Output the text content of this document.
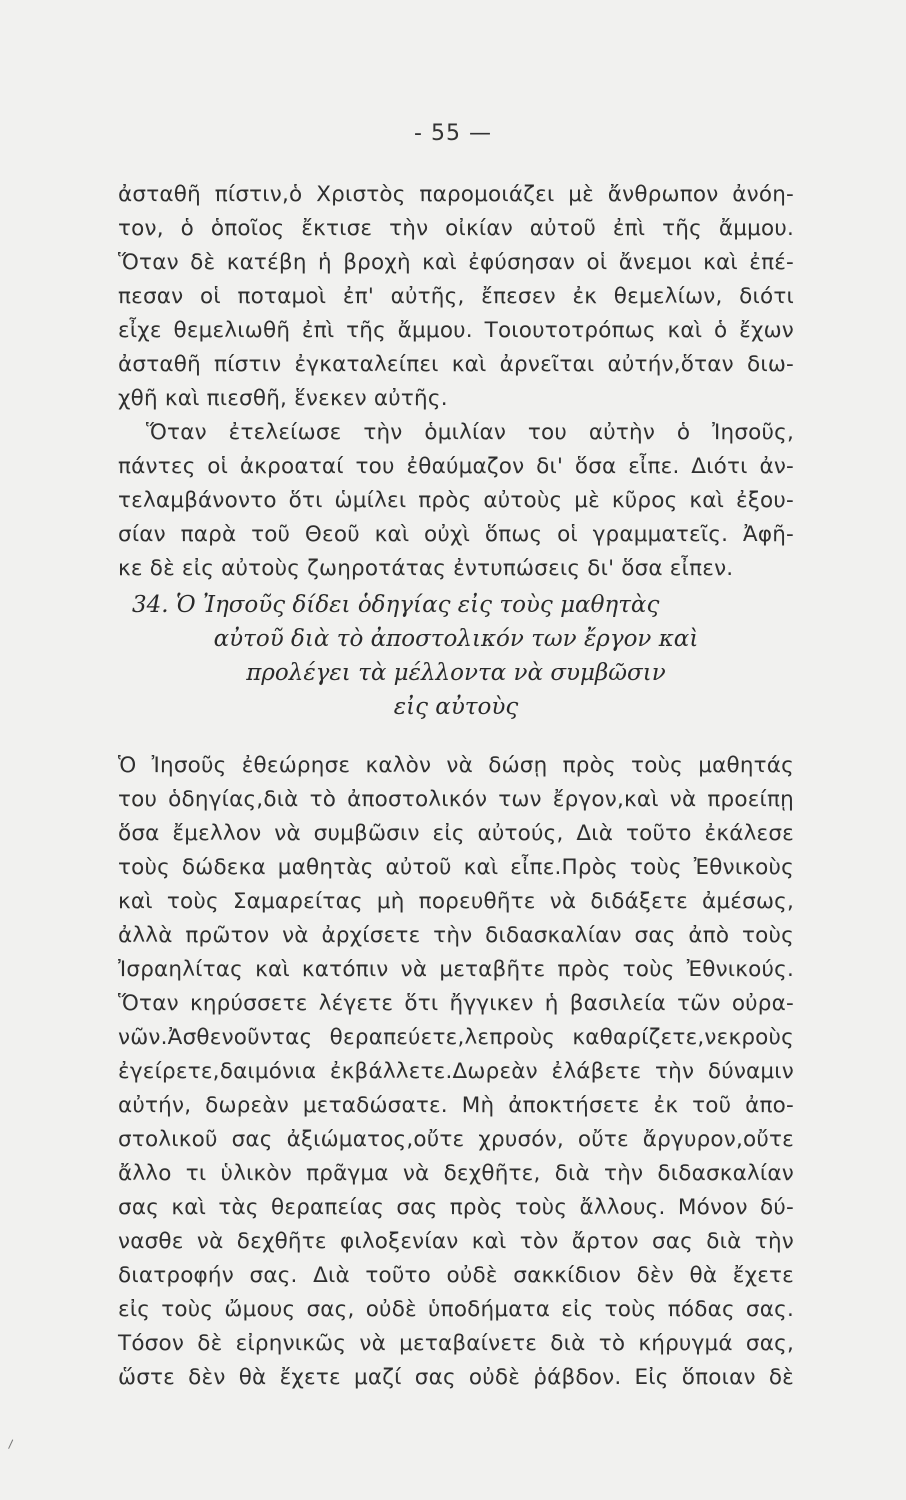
- 55 —
ἀσταθῆ πίστιν,ὁ Χριστὸς παρομοιάζει μὲ ἄνθρωπον ἀνόη-
τον, ὁ ὁποῖος ἔκτισε τὴν οἰκίαν αὐτοῦ ἐπὶ τῆς ἄμμου.
Ὅταν δὲ κατέβη ἡ βροχὴ καὶ ἐφύσησαν οἱ ἄνεμοι καὶ ἐπέ-
πεσαν οἱ ποταμοὶ ἐπ' αὐτῆς, ἔπεσεν ἐκ θεμελίων, διότι
εἶχε θεμελιωθῆ ἐπὶ τῆς ἄμμου. Τοιουτοτρόπως καὶ ὁ ἔχων
ἀσταθῆ πίστιν ἐγκαταλείπει καὶ ἀρνεῖται αὐτήν,ὅταν διω-
χθῆ καὶ πιεσθῆ, ἕνεκεν αὐτῆς.
Ὅταν ἐτελείωσε τὴν ὁμιλίαν του αὐτὴν ὁ Ἰησοῦς,
πάντες οἱ ἀκροαταί του ἐθαύμαζον δι' ὅσα εἶπε. Διότι ἀν-
τελαμβάνοντο ὅτι ὡμίλει πρὸς αὐτοὺς μὲ κῦρος καὶ ἐξου-
σίαν παρὰ τοῦ Θεοῦ καὶ οὐχὶ ὅπως οἱ γραμματεῖς. Ἀφῆ-
κε δὲ εἰς αὐτοὺς ζωηροτάτας ἐντυπώσεις δι' ὅσα εἶπεν.
34. Ὁ Ἰησοῦς δίδει ὁδηγίας εἰς τοὺς μαθητὰς
αὐτοῦ διὰ τὸ ἀποστολικόν των ἔργον καὶ
προλέγει τὰ μέλλοντα νὰ συμβῶσιν
εἰς αὐτοὺς
Ὁ Ἰησοῦς ἐθεώρησε καλὸν νὰ δώσῃ πρὸς τοὺς μαθητάς
του ὁδηγίας,διὰ τὸ ἀποστολικόν των ἔργον,καὶ νὰ προείπῃ
ὅσα ἔμελλον νὰ συμβῶσιν εἰς αὐτούς, Διὰ τοῦτο ἐκάλεσε
τοὺς δώδεκα μαθητὰς αὐτοῦ καὶ εἶπε.Πρὸς τοὺς Ἐθνικοὺς
καὶ τοὺς Σαμαρείτας μὴ πορευθῆτε νὰ διδάξετε ἀμέσως,
ἀλλὰ πρῶτον νὰ ἀρχίσετε τὴν διδασκαλίαν σας ἀπὸ τοὺς
Ἰσραηλίτας καὶ κατόπιν νὰ μεταβῆτε πρὸς τοὺς Ἐθνικούς.
Ὅταν κηρύσσετε λέγετε ὅτι ἤγγικεν ἡ βασιλεία τῶν οὐρα-
νῶν.Ἀσθενοῦντας θεραπεύετε,λεπροὺς καθαρίζετε,νεκροὺς
ἐγείρετε,δαιμόνια ἐκβάλλετε.Δωρεὰν ἐλάβετε τὴν δύναμιν
αὐτήν, δωρεὰν μεταδώσατε. Μὴ ἀποκτήσετε ἐκ τοῦ ἀπο-
στολικοῦ σας ἀξιώματος,οὔτε χρυσόν, οὔτε ἄργυρον,οὔτε
ἄλλο τι ὑλικὸν πρᾶγμα νὰ δεχθῆτε, διὰ τὴν διδασκαλίαν
σας καὶ τὰς θεραπείας σας πρὸς τοὺς ἄλλους. Μόνον δύ-
νασθε νὰ δεχθῆτε φιλοξενίαν καὶ τὸν ἄρτον σας διὰ τὴν
διατροφήν σας. Διὰ τοῦτο οὐδὲ σακκίδιον δὲν θὰ ἔχετε
εἰς τοὺς ὤμους σας, οὐδὲ ὑποδήματα εἰς τοὺς πόδας σας.
Τόσον δὲ εἰρηνικῶς νὰ μεταβαίνετε διὰ τὸ κήρυγμά σας,
ὥστε δὲν θὰ ἔχετε μαζί σας οὐδὲ ῥάβδον. Εἰς ὅποιαν δὲ
